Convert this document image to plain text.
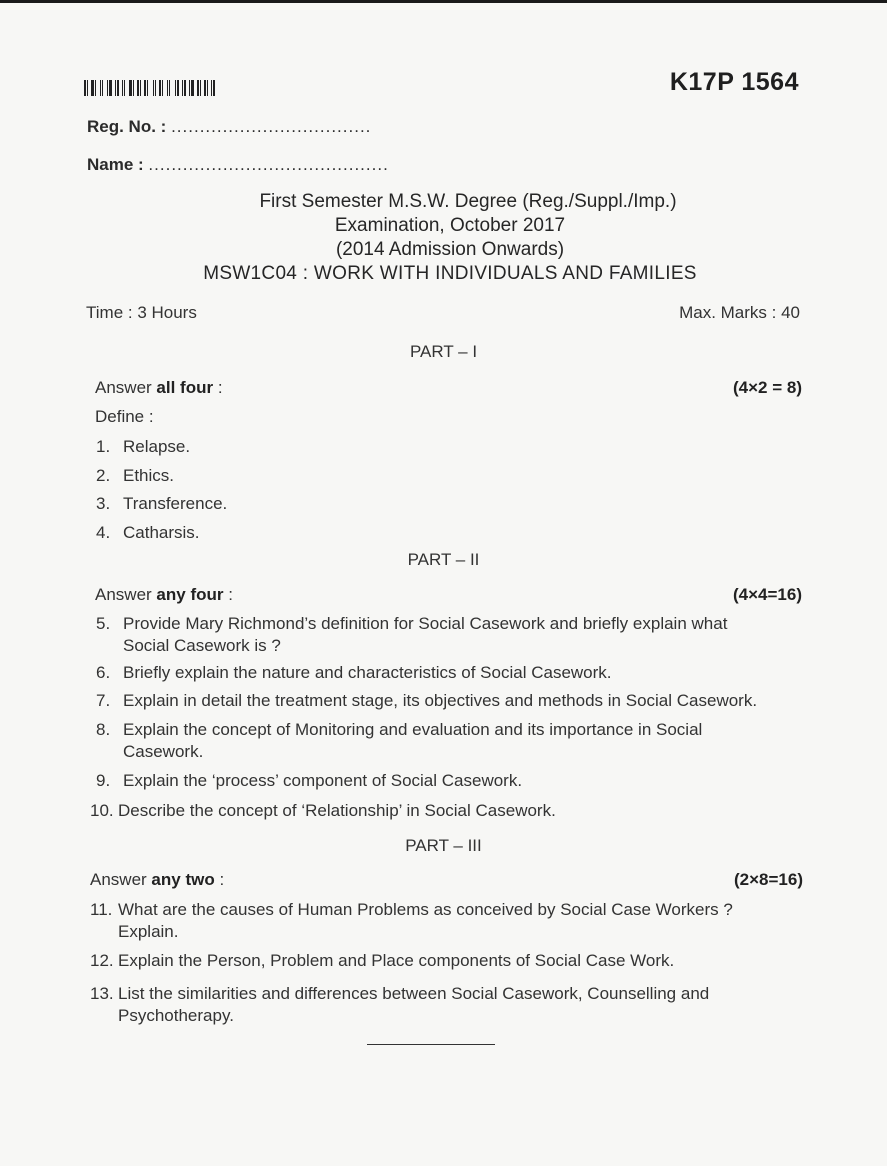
K17P 1564
Reg. No. : ...................................
Name : ..........................................
First Semester M.S.W. Degree (Reg./Suppl./Imp.)
Examination, October 2017
(2014 Admission Onwards)
MSW1C04 : WORK WITH INDIVIDUALS AND FAMILIES
Time : 3 Hours	Max. Marks : 40
PART – I
Answer all four :	(4×2 = 8)
Define :
1. Relapse.
2. Ethics.
3. Transference.
4. Catharsis.
PART – II
Answer any four :	(4×4=16)
5. Provide Mary Richmond’s definition for Social Casework and briefly explain what Social Casework is ?
6. Briefly explain the nature and characteristics of Social Casework.
7. Explain in detail the treatment stage, its objectives and methods in Social Casework.
8. Explain the concept of Monitoring and evaluation and its importance in Social Casework.
9. Explain the ‘process’ component of Social Casework.
10. Describe the concept of ‘Relationship’ in Social Casework.
PART – III
Answer any two :	(2×8=16)
11. What are the causes of Human Problems as conceived by Social Case Workers ? Explain.
12. Explain the Person, Problem and Place components of Social Case Work.
13. List the similarities and differences between Social Casework, Counselling and Psychotherapy.
